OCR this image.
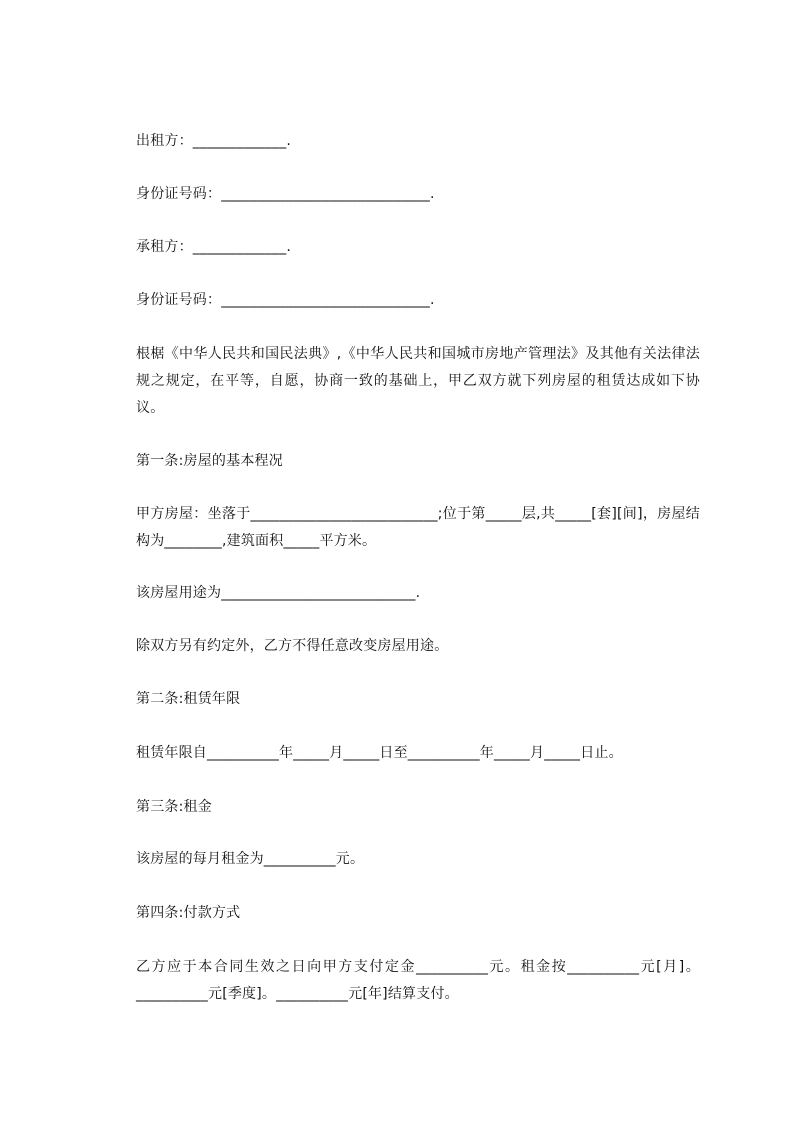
出租方：_____________.
身份证号码：_____________________________.
承租方：_____________.
身份证号码：_____________________________.
根椐《中华人民共和国民法典》,《中华人民共和国城市房地产管理法》及其他有关法律法规之规定，在平等，自愿，协商一致的基础上，甲乙双方就下列房屋的租赁达成如下协议。
第一条:房屋的基本程况
甲方房屋：坐落于__________________________;位于第_____层,共_____[套][间]，房屋结构为________,建筑面积_____平方米。
该房屋用途为___________________________.
除双方另有约定外，乙方不得任意改变房屋用途。
第二条:租赁年限
租赁年限自__________年_____月_____日至__________年_____月_____日止。
第三条:租金
该房屋的每月租金为__________元。
第四条:付款方式
乙方应于本合同生效之日向甲方支付定金__________元。租金按__________元[月]。__________元[季度]。__________元[年]结算支付。
